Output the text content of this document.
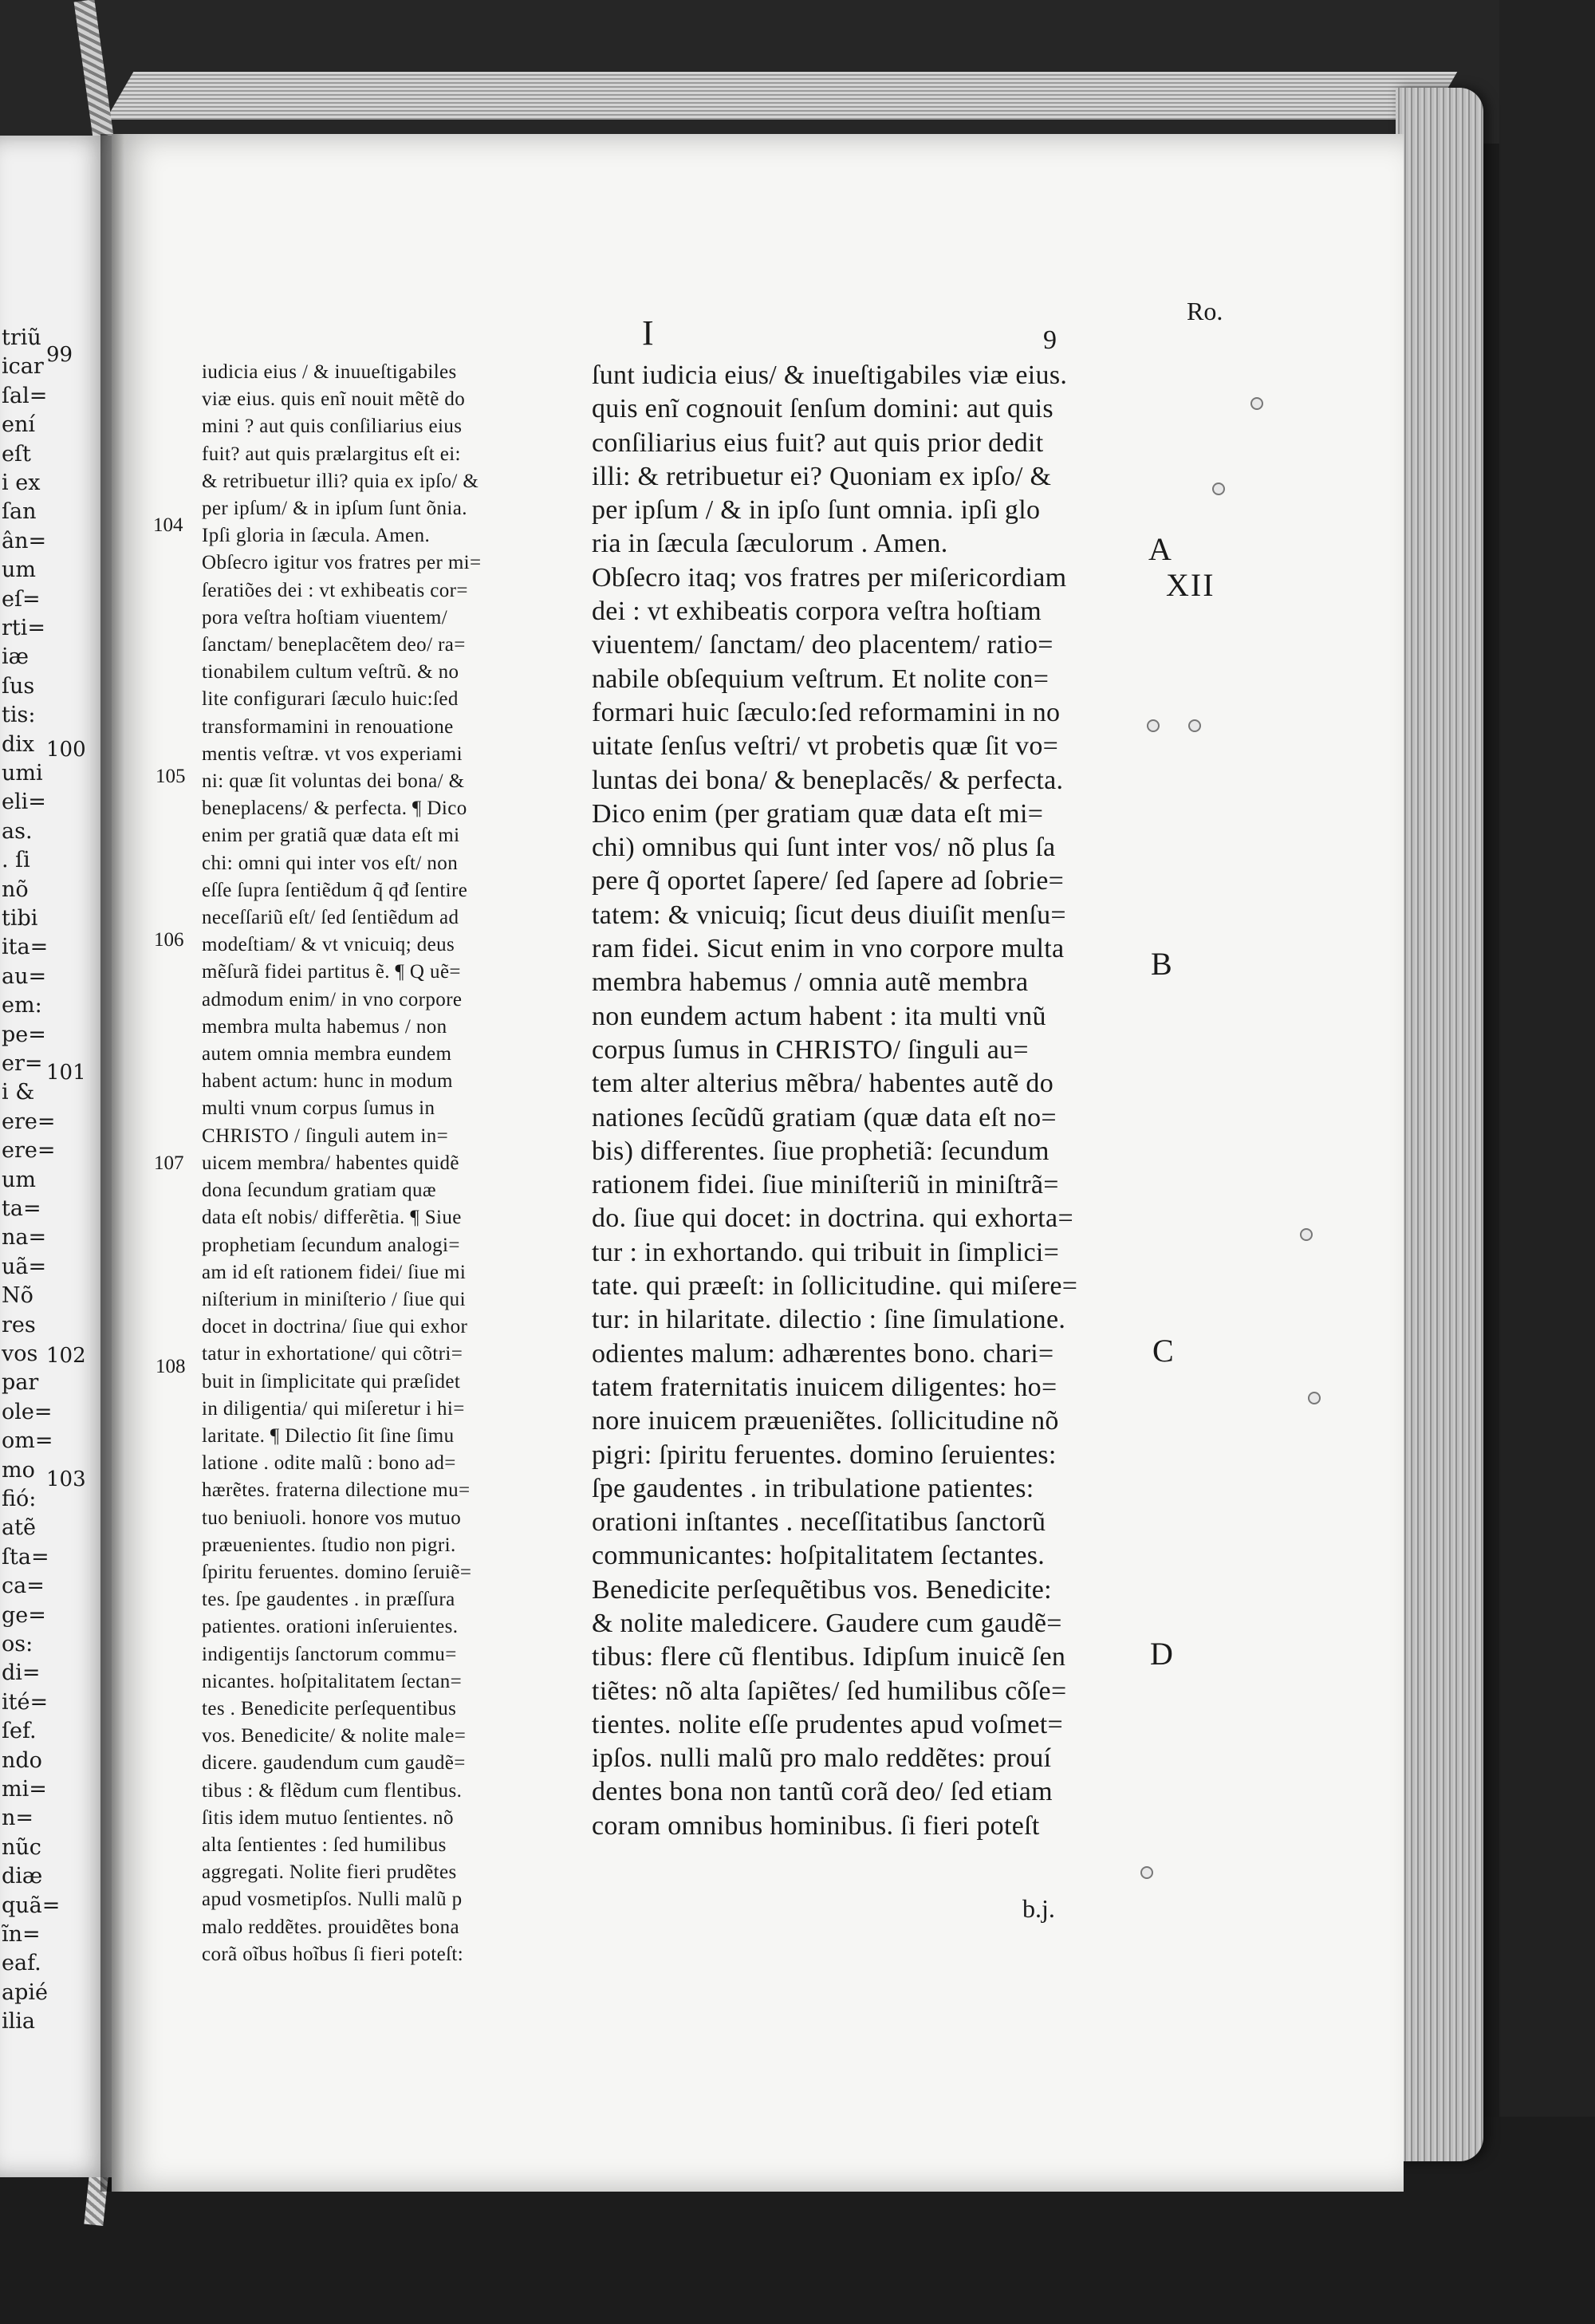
triũ
icar
ſal=
ení
eſt
i ex
ſan
ân=
um
eſ=
rti=
iæ
ſus
tis:
dix
umi
eli=
as.
. ſi
nõ
tibi
ita=
au=
em:
pe=
er=
i &
ere=
ere=
um
ta=
na=
uã=
Nõ
res
vos
par
ole=
om=
mo
fió:
atẽ
ſta=
ca=
ge=
os:
di=
ité=
ſef.
ndo
mi=
n=
nũc
diæ
quã=
ĩn=
eaf.
apié
ilia
99
100
101
102
103
I	9
Ro.
iudicia eius / & inuueſtigabiles
viæ eius. quis enĩ nouit mẽtẽ do
mini ? aut quis conſiliarius eius
fuit? aut quis prælargitus eſt ei:
& retribuetur illi? quia ex ipſo/ &
per ipſum/ & in ipſum ſunt õnia.
Ipſi gloria in ſæcula. Amen.
Obſecro igitur vos fratres per mi=
ſeratiões dei : vt exhibeatis cor=
pora veſtra hoſtiam viuentem/
ſanctam/ beneplacẽtem deo/ ra=
tionabilem cultum veſtrũ. & no
lite configurari ſæculo huic:ſed
transformamini in renouatione
mentis veſtræ. vt vos experiami
ni: quæ ſit voluntas dei bona/ &
beneplacens/ & perfecta. ¶ Dico
enim per gratiã quæ data eſt mi
chi: omni qui inter vos eſt/ non
eſſe ſupra ſentiẽdum q̃ qđ ſentire
neceſſariũ eſt/ ſed ſentiẽdum ad
modeſtiam/ & vt vnicuiq; deus
mẽſurã fidei partitus ẽ. ¶ Q uẽ=
admodum enim/ in vno corpore
membra multa habemus / non
autem omnia membra eundem
habent actum: hunc in modum
multi vnum corpus ſumus in
CHRISTO / ſinguli autem in=
uicem membra/ habentes quidẽ
dona ſecundum gratiam quæ
data eſt nobis/ differẽtia. ¶ Siue
prophetiam ſecundum analogi=
am id eſt rationem fidei/ ſiue mi
niſterium in miniſterio / ſiue qui
docet in doctrina/ ſiue qui exhor
tatur in exhortatione/ qui cõtri=
buit in ſimplicitate qui præſidet
in diligentia/ qui miſeretur i hi=
laritate. ¶ Dilectio ſit ſine ſimu
latione . odite malũ : bono ad=
hærẽtes. fraterna dilectione mu=
tuo beniuoli. honore vos mutuo
præuenientes. ſtudio non pigri.
ſpiritu feruentes. domino ſeruiẽ=
tes. ſpe gaudentes . in præſſura
patientes. orationi inſeruientes.
indigentijs ſanctorum commu=
nicantes. hoſpitalitatem ſectan=
tes . Benedicite perſequentibus
vos. Benedicite/ & nolite male=
dicere. gaudendum cum gaudẽ=
tibus : & flẽdum cum flentibus.
ſitis idem mutuo ſentientes. nõ
alta ſentientes : ſed humilibus
aggregati. Nolite fieri prudẽtes
apud vosmetipſos. Nulli malũ p
malo reddẽtes. prouidẽtes bona
corã oĩbus hoĩbus ſi fieri poteſt:
ſunt iudicia eius/ & inueſtigabiles viæ eius.
quis enĩ cognouit ſenſum domini: aut quis
conſiliarius eius fuit? aut quis prior dedit
illi: & retribuetur ei? Quoniam ex ipſo/ &
per ipſum / & in ipſo ſunt omnia. ipſi glo
ria in ſæcula ſæculorum . Amen.
Obſecro itaq; vos fratres per miſericordiam
dei : vt exhibeatis corpora veſtra hoſtiam
viuentem/ ſanctam/ deo placentem/ ratio=
nabile obſequium veſtrum. Et nolite con=
formari huic ſæculo:ſed reformamini in no
uitate ſenſus veſtri/ vt probetis quæ ſit vo=
luntas dei bona/ & beneplacẽs/ & perfecta.
Dico enim (per gratiam quæ data eſt mi=
chi) omnibus qui ſunt inter vos/ nõ plus ſa
pere q̃ oportet ſapere/ ſed ſapere ad ſobrie=
tatem: & vnicuiq; ſicut deus diuiſit menſu=
ram fidei. Sicut enim in vno corpore multa
membra habemus / omnia autẽ membra
non eundem actum habent : ita multi vnũ
corpus ſumus in CHRISTO/ ſinguli au=
tem alter alterius mẽbra/ habentes autẽ do
nationes ſecũdũ gratiam (quæ data eſt no=
bis) differentes. ſiue prophetiã: ſecundum
rationem fidei. ſiue miniſteriũ in miniſtrã=
do. ſiue qui docet: in doctrina. qui exhorta=
tur : in exhortando. qui tribuit in ſimplici=
tate. qui præeſt: in ſollicitudine. qui miſere=
tur: in hilaritate. dilectio : ſine ſimulatione.
odientes malum: adhærentes bono. chari=
tatem fraternitatis inuicem diligentes: ho=
nore inuicem præueniẽtes. ſollicitudine nõ
pigri: ſpiritu feruentes. domino ſeruientes:
ſpe gaudentes . in tribulatione patientes:
orationi inſtantes . neceſſitatibus ſanctorũ
communicantes: hoſpitalitatem ſectantes.
Benedicite perſequẽtibus vos. Benedicite:
& nolite maledicere. Gaudere cum gaudẽ=
tibus: flere cũ flentibus. Idipſum inuicẽ ſen
tiẽtes: nõ alta ſapiẽtes/ ſed humilibus cõſe=
tientes. nolite eſſe prudentes apud voſmet=
ipſos. nulli malũ pro malo reddẽtes: prouí
dentes bona non tantũ corã deo/ ſed etiam
coram omnibus hominibus. ſi fieri poteſt
104
105
106
107
108
XII
A
B
C
D
b.j.
